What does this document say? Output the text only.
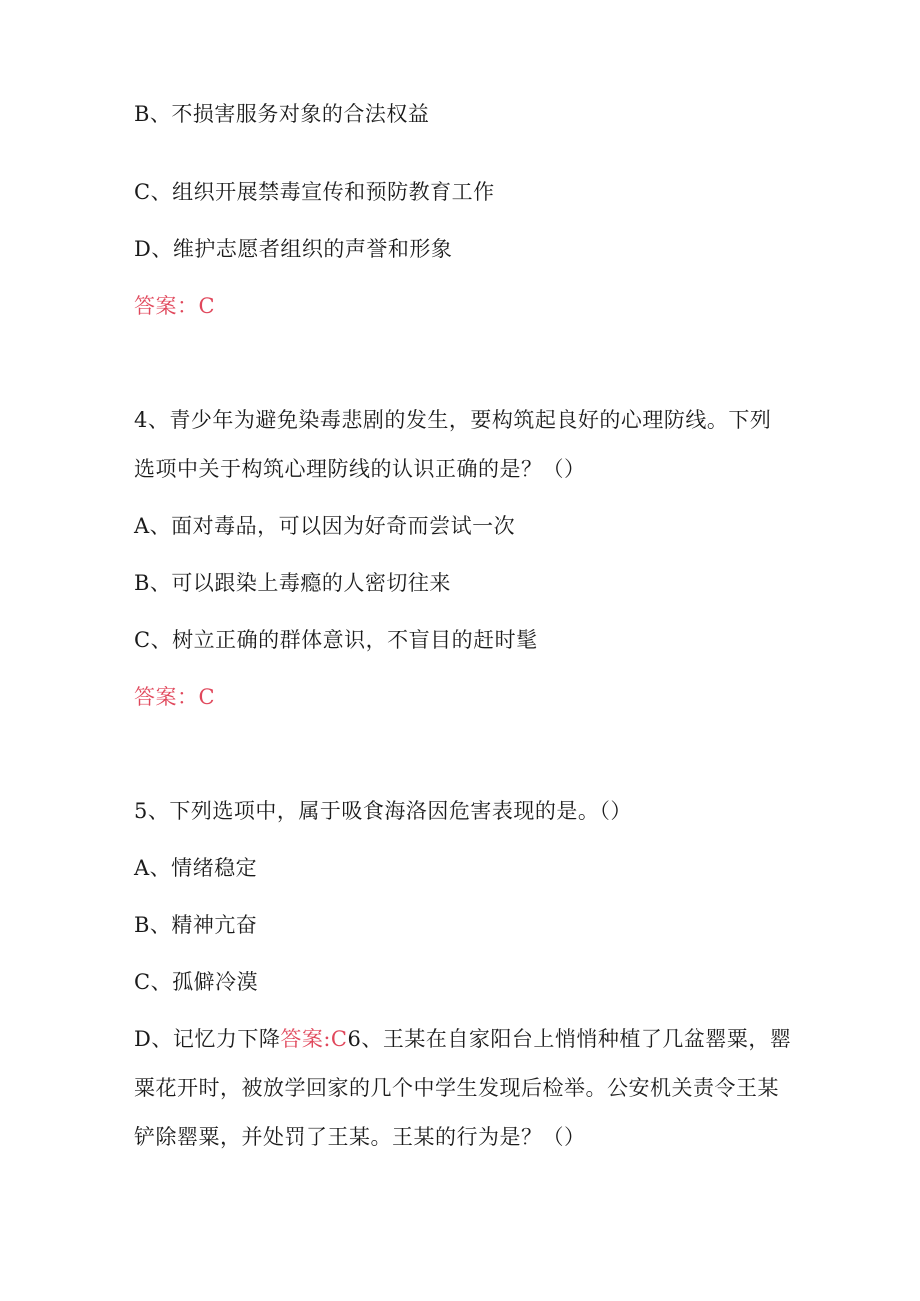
B、不损害服务对象的合法权益
C、组织开展禁毒宣传和预防教育工作
D、维护志愿者组织的声誉和形象
答案：C
4、青少年为避免染毒悲剧的发生，要构筑起良好的心理防线。下列
选项中关于构筑心理防线的认识正确的是？（）
A、面对毒品，可以因为好奇而尝试一次
B、可以跟染上毒瘾的人密切往来
C、树立正确的群体意识，不盲目的赶时髦
答案：C
5、下列选项中，属于吸食海洛因危害表现的是。（）
A、情绪稳定
B、精神亢奋
C、孤僻冷漠
D、记忆力下降答案:C6、王某在自家阳台上悄悄种植了几盆罂粟，罂
粟花开时，被放学回家的几个中学生发现后检举。公安机关责令王某
铲除罂粟，并处罚了王某。王某的行为是？（）
